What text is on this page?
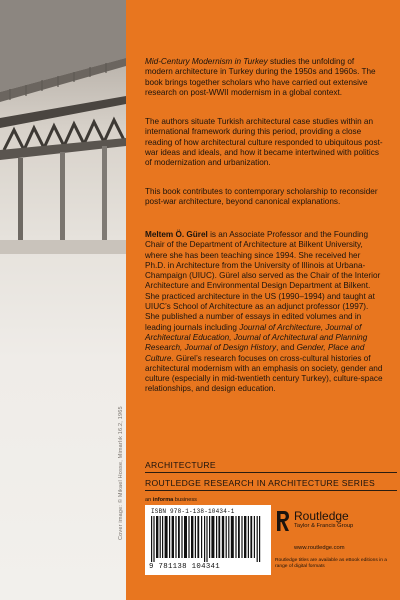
Cover image: © Mikael Hosse, Mimarlık 16.2, 1965

Mid-Century Modernism in Turkey studies the unfolding of modern architecture in Turkey during the 1950s and 1960s. The book brings together scholars who have carried out extensive research on post-WWII modernism in a global context.

The authors situate Turkish architectural case studies within an international framework during this period, providing a close reading of how architectural culture responded to ubiquitous post-war ideas and ideals, and how it became intertwined with politics of modernization and urbanization.

This book contributes to contemporary scholarship to reconsider post-war architecture, beyond canonical explanations.

Meltem Ö. Gürel is an Associate Professor and the Founding Chair of the Department of Architecture at Bilkent University, where she has been teaching since 1994. She received her Ph.D. in Architecture from the University of Illinois at Urbana-Champaign (UIUC). Gürel also served as the Chair of the Interior Architecture and Environmental Design Department at Bilkent. She practiced architecture in the US (1990–1994) and taught at UIUC’s School of Architecture as an adjunct professor (1997). She published a number of essays in edited volumes and in leading journals including Journal of Architecture, Journal of Architectural Education, Journal of Architectural and Planning Research, Journal of Design History, and Gender, Place and Culture. Gürel’s research focuses on cross-cultural histories of architectural modernism with an emphasis on society, gender and culture (especially in mid-twentieth century Turkey), culture-space relationships, and design education.

ARCHITECTURE
ROUTLEDGE RESEARCH IN ARCHITECTURE SERIES
an informa business
ISBN 978-1-138-10434-1
9 781138 104341
Routledge
Taylor & Francis Group
www.routledge.com
Routledge titles are available as eBook editions in a range of digital formats
